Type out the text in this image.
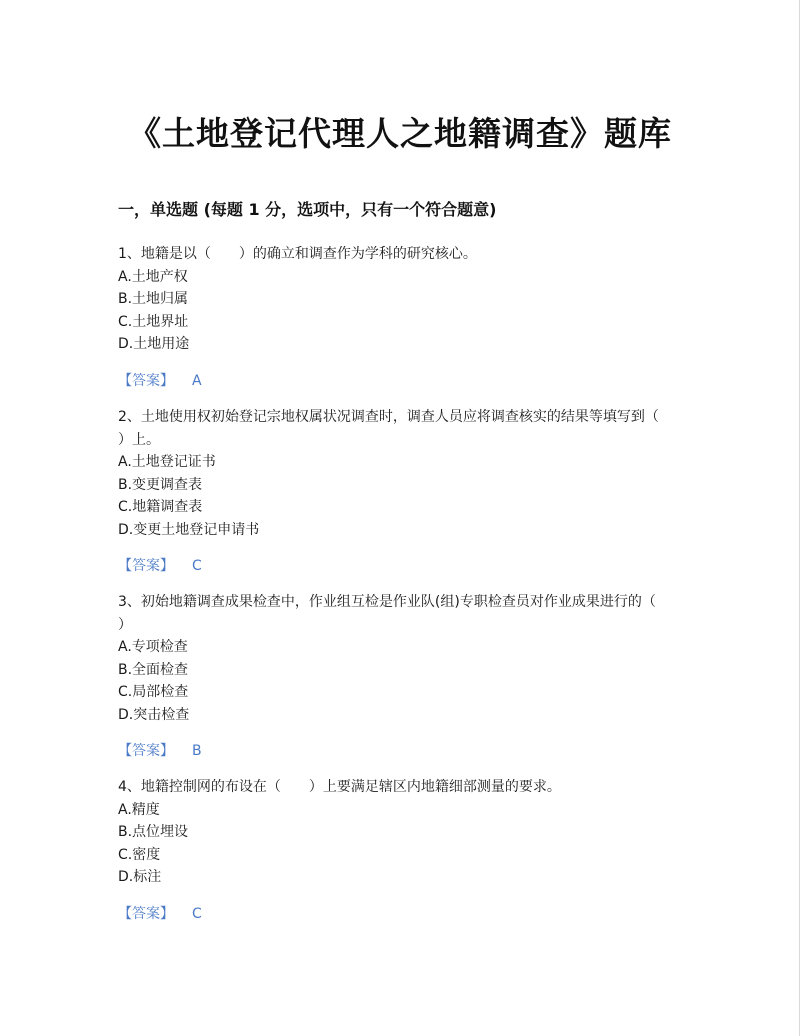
《土地登记代理人之地籍调查》题库
一，单选题 (每题 1 分，选项中，只有一个符合题意)

1、地籍是以（　　）的确立和调查作为学科的研究核心。

A.土地产权

B.土地归属

C.土地界址

D.土地用途

【答案】 A

2、土地使用权初始登记宗地权属状况调查时，调查人员应将调查核实的结果等填写到（

）上。

A.土地登记证书

B.变更调查表

C.地籍调查表

D.变更土地登记申请书

【答案】 C

3、初始地籍调查成果检查中，作业组互检是作业队(组)专职检查员对作业成果进行的（

）

A.专项检查

B.全面检查

C.局部检查

D.突击检查

【答案】 B

4、地籍控制网的布设在（　　）上要满足辖区内地籍细部测量的要求。

A.精度

B.点位埋设

C.密度

D.标注

【答案】 C
